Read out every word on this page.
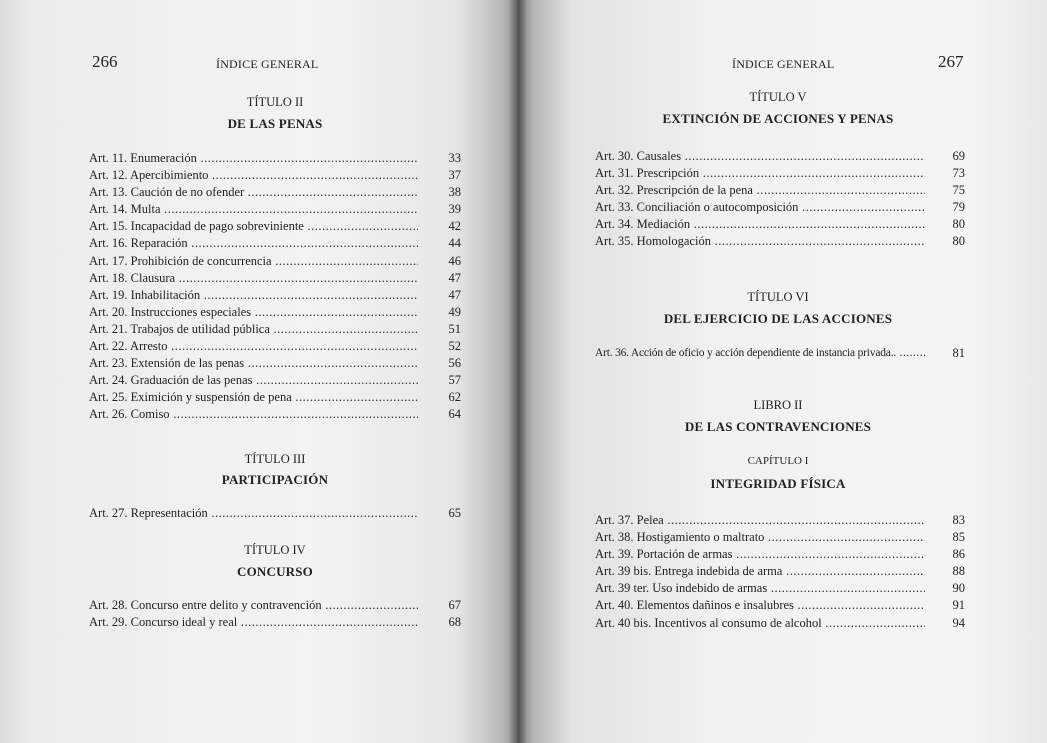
266	ÍNDICE GENERAL
TÍTULO II
DE LAS PENAS
Art. 11. Enumeración .....	33
Art. 12. Apercibimiento .....	37
Art. 13. Caución de no ofender .....	38
Art. 14. Multa .....	39
Art. 15. Incapacidad de pago sobreviniente .....	42
Art. 16. Reparación .....	44
Art. 17. Prohibición de concurrencia .....	46
Art. 18. Clausura .....	47
Art. 19. Inhabilitación .....	47
Art. 20. Instrucciones especiales .....	49
Art. 21. Trabajos de utilidad pública .....	51
Art. 22. Arresto .....	52
Art. 23. Extensión de las penas .....	56
Art. 24. Graduación de las penas .....	57
Art. 25. Eximición y suspensión de pena .....	62
Art. 26. Comiso .....	64
TÍTULO III
PARTICIPACIÓN
Art. 27. Representación .....	65
TÍTULO IV
CONCURSO
Art. 28. Concurso entre delito y contravención .....	67
Art. 29. Concurso ideal y real .....	68
ÍNDICE GENERAL	267
TÍTULO V
EXTINCIÓN DE ACCIONES Y PENAS
Art. 30. Causales .....	69
Art. 31. Prescripción .....	73
Art. 32. Prescripción de la pena .....	75
Art. 33. Conciliación o autocomposición .....	79
Art. 34. Mediación .....	80
Art. 35. Homologación .....	80
TÍTULO VI
DEL EJERCICIO DE LAS ACCIONES
Art. 36. Acción de oficio y acción dependiente de instancia privada.. .....	81
LIBRO II
DE LAS CONTRAVENCIONES
CAPÍTULO I
INTEGRIDAD FÍSICA
Art. 37. Pelea .....	83
Art. 38. Hostigamiento o maltrato .....	85
Art. 39. Portación de armas .....	86
Art. 39 bis. Entrega indebida de arma .....	88
Art. 39 ter. Uso indebido de armas .....	90
Art. 40. Elementos dañinos e insalubres .....	91
Art. 40 bis. Incentivos al consumo de alcohol .....	94
